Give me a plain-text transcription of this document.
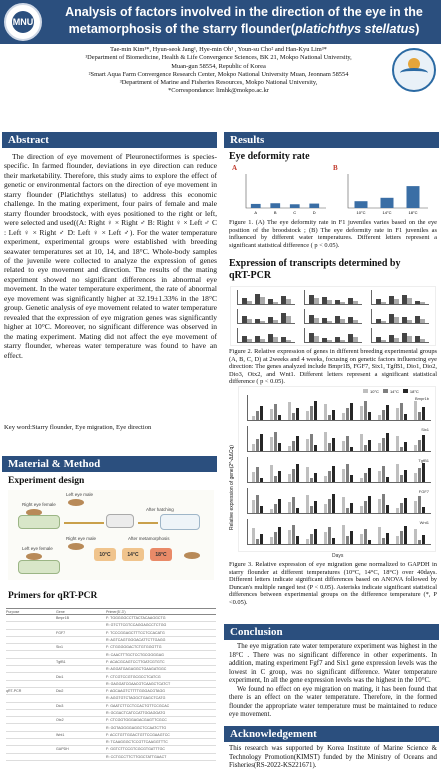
MNU
Analysis of factors involved in the direction of the eye in the
metamorphosis of the starry flounder(platichthys stellatus)
Tae-min Kim¹*, Hyun-seok Jang¹, Hye-min Oh¹ , Youn-su Cho² and Han-Kyu Lim³*
¹Department of Biomedicine, Health & Life Convergence Sciences, BK 21, Mokpo National University,
Muan-gun 58554, Republic of Korea
²Smart Aqua Farm Convergence Research Center, Mokpo National University Muan, Jeonnam 58554
³Department of Marine and Fisheries Resources, Mokpo National University,
*Correspondance: limhk@mokpo.ac.kr
Abstract

The direction of eye movement of Pleuronectiformes is species-specific. In farmed flounder, deviations in eye direction can reduce their marketability. Therefore, this study aims to explore the effect of genetic or environmental factors on the direction of eye movement in starry flounder (Platichthys stellatus) to address this economic challenge. In the mating experiment, four pairs of female and male starry flounder broodstock, with eyes positioned to the right or left, were selected and used((A: Right ♀ × Right ♂ B: Right ♀ × Left ♂ C : Left ♀ × Right ♂ D: Left ♀ × Left ♂). For the water temperature experiment, experimental groups were established with breeding seawater temperatures set at 10, 14, and 18°C. Whole-body samples of the juvenile were collected to analyze the expression of genes related to eye movement and direction. The results of the mating experiment showed no significant differences in abnormal eye movement. In the water temperature experiment, the rate of abnormal eye movement was significantly higher at 32.19±1.33% in the 18°C group. Genetic analysis of eye movement related to water temperature revealed that the expression of eye migration genes was significantly higher at 10°C. Moreover, no significant difference was observed in the mating experiment. Mating did not affect the eye movement of starry flounder, whereas water temperature was found to have an effect.

Key word:Starry flounder, Eye migration, Eye direction
Material & Method
Experiment design
Left eye male
Right eye female
After hatching
Right eye male
Left eye female
After metamorphosis
10°C	14°C	18°C
Primers for qRT-PCR
Purpose	Gene	Primer(5'-3')
	Bmpr1B	F: TGGGGGCCTTACTACAAGGCTG
		R: GTCTTCGTCCAGGAGCCTCTGG
	FGF7	F: TCCCGGAGCTTTCCTCCACATG
		R: AGTCAGTGGGACATTCTTGAGG
	Six1	F: CTGGGGGACTCTGTGGGTTG
		R: CAACTTTGCTCCTGCGGGGAG
	TgfB1	F: ACACGCAGTCCTTGATCGTGTC
		R: AGGATGAGAGGCTGAAGATGGC
	Dio1	F: CTCGTCCGTGCGCCTCATCG
		R: GAGGATCGAACGTCAAGCTCATCT
qRT-PCR	Dio2	F: AGCAAGTCTTTTGGGACGTAGG
		R: AGGTGTCTAGGCTGAGCTCATG
	Dio3	F: GAATCTTCCTCCACTGTTCCGCAC
		R: GCGACTCATCCATTGGAGGATG
	Otx2	F: CTCGGTGGGAGACGAGTTCGCC
		R: GGTAGGGGAGGCTCCAATCTTG
	Wnt1	F: ACCTGTTGGACTGTTCCGAAGTCC
		R: TCAAGGGCTCCGTTCAAGGTTTC
	GAPDH	F: GGTCTTCCGTCGCGTGATTTGC
		R: CCTGCCTTCTTGGCTATTGAACT
Results
Eye deformity rate
A	B
A	B	C	D	10°C	14°C	18°C
Figure 1. (A) The eye deformity rate in F1 juveniles varies based on the eye position of the broodstock ; (B) The eye deformity rate in F1 juveniles as influenced by different water temperatures. Different letters represent a significant statistical difference ( p < 0.05).
Expression of transcripts determined by
qRT-PCR
Figure 2. Relative expression of genes in different breeding experimental groups (A, B, C, D) at 2weeks and 4 weeks, focusing on genetic factors influencing eye direction: The genes analyzed include Bmpr1B, FGF7, Six1, TgfB1, Dio1, Dio2, Dio3, Otx2, and Wnt1. Different letters represent a significant statistical difference ( p < 0.05).
Relative expression of gene(2^-ΔΔCq)
10°C	14°C	18°C
Bmpr1b
Six1
TgfB1
FGF7
Wnt1
Days
Figure 3. Relative expression of eye migration gene normalized to GAPDH in starry flounder at different temperatures (10°C, 14°C, 18°C) over 40days. Different letters indicate significant differences based on ANOVA followed by Duncan's multiple ranged test (P < 0.05). Asterisks indicate significant statistical differences between experimental groups on the difference temperature (*, P <0.05).
Conclusion

The eye migration rate water temperature experiment was highest in the 18°C . There was no significant difference in other experiments. In addition, mating experiment Fgf7 and Six1 gene expression levels was the lowest in C group, was no significant difference. Water temperature experiment, In all the gene expression levels was the highest in the 10°C.

We found no effect on eye migration on mating, it has been found that there is an effect on the water temperature. Therefore, in the formed flounder the appropriate water temperature must be maintained to reduce eye movement.

Acknowledgement
This research was supported by Korea Institute of Marine Science & Technology Promotion(KIMST) funded by the Ministry of Oceans and Fisheries(RS-2022-KS221671).
